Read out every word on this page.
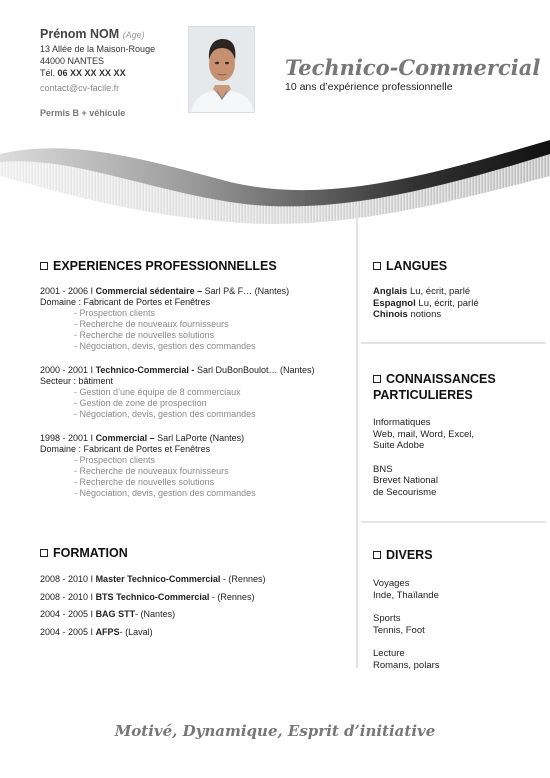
Prénom NOM (Age)
13 Allée de la Maison-Rouge
44000 NANTES
Tél. 06 XX XX XX XX
contact@cv-facile.fr
Permis B + véhicule
Technico-Commercial
10 ans d’expérience professionnelle
EXPERIENCES PROFESSIONNELLES
2001 - 2006 I Commercial sédentaire – Sarl P& F… (Nantes)
Domaine : Fabricant de Portes et Fenêtres
- Prospection clients
- Recherche de nouveaux fournisseurs
- Recherche de nouvelles solutions
- Négociation, devis, gestion des commandes
2000 - 2001 I Technico-Commercial - Sarl DuBonBoulot… (Nantes)
Secteur : bâtiment
- Gestion d’une équipe de 8 commerciaux
- Gestion de zone de prospection
- Négociation, devis, gestion des commandes
1998 - 2001 I Commercial – Sarl LaPorte (Nantes)
Domaine : Fabricant de Portes et Fenêtres
- Prospection clients
- Recherche de nouveaux fournisseurs
- Recherche de nouvelles solutions
- Négociation, devis, gestion des commandes
FORMATION
2008 - 2010 I Master Technico-Commercial - (Rennes)
2008 - 2010 I BTS Technico-Commercial - (Rennes)
2004 - 2005 I BAG STT- (Nantes)
2004 - 2005 I AFPS- (Laval)
LANGUES
Anglais Lu, écrit, parlé
Espagnol Lu, écrit, parlé
Chinois notions
CONNAISSANCES
PARTICULIERES
Informatiques
Web, mail, Word, Excel,
Suite Adobe
BNS
Brevet National
de Secourisme
DIVERS
Voyages
Inde, Thaïlande
Sports
Tennis, Foot
Lecture
Romans, polars
Motivé, Dynamique, Esprit d’initiative
